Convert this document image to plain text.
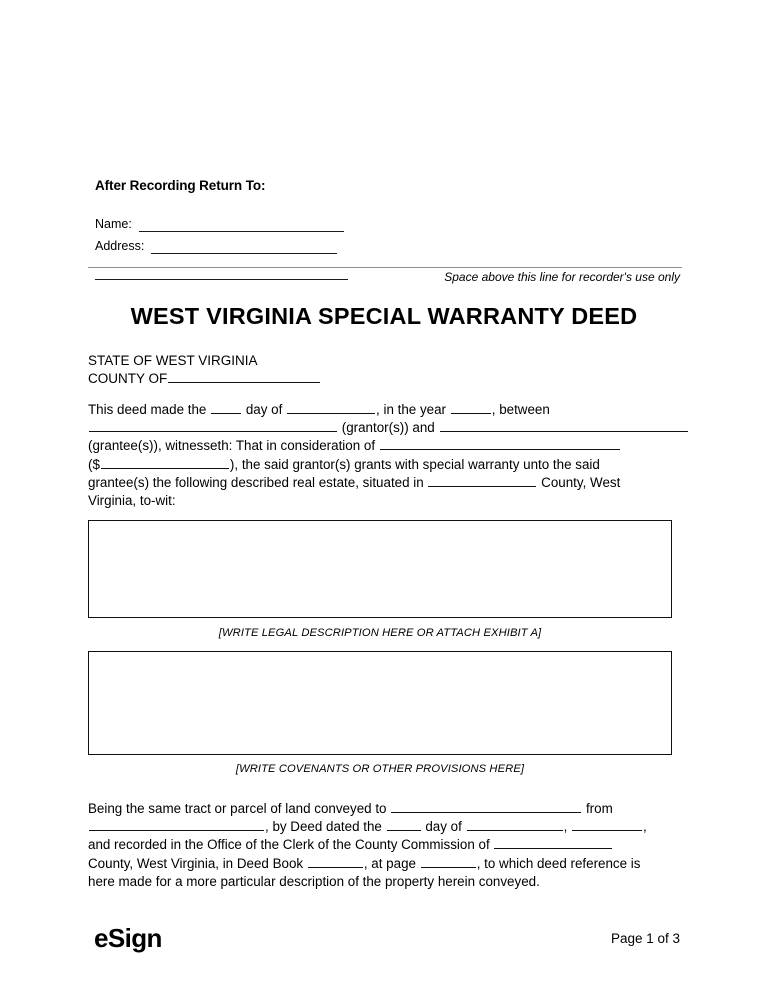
After Recording Return To:
Name:
Address:
Space above this line for recorder's use only
WEST VIRGINIA SPECIAL WARRANTY DEED
STATE OF WEST VIRGINIA
COUNTY OF
This deed made the	day of	, in the year	, between
(grantor(s)) and
(grantee(s)), witnesseth: That in consideration of
($	), the said grantor(s) grants with special warranty unto the said
grantee(s) the following described real estate, situated in	County, West
Virginia, to-wit:
[WRITE LEGAL DESCRIPTION HERE OR ATTACH EXHIBIT A]
[WRITE COVENANTS OR OTHER PROVISIONS HERE]
Being the same tract or parcel of land conveyed to	from
, by Deed dated the	day of	,	,
and recorded in the Office of the Clerk of the County Commission of
County, West Virginia, in Deed Book	, at page	, to which deed reference is
here made for a more particular description of the property herein conveyed.
eSign	Page 1 of 3
